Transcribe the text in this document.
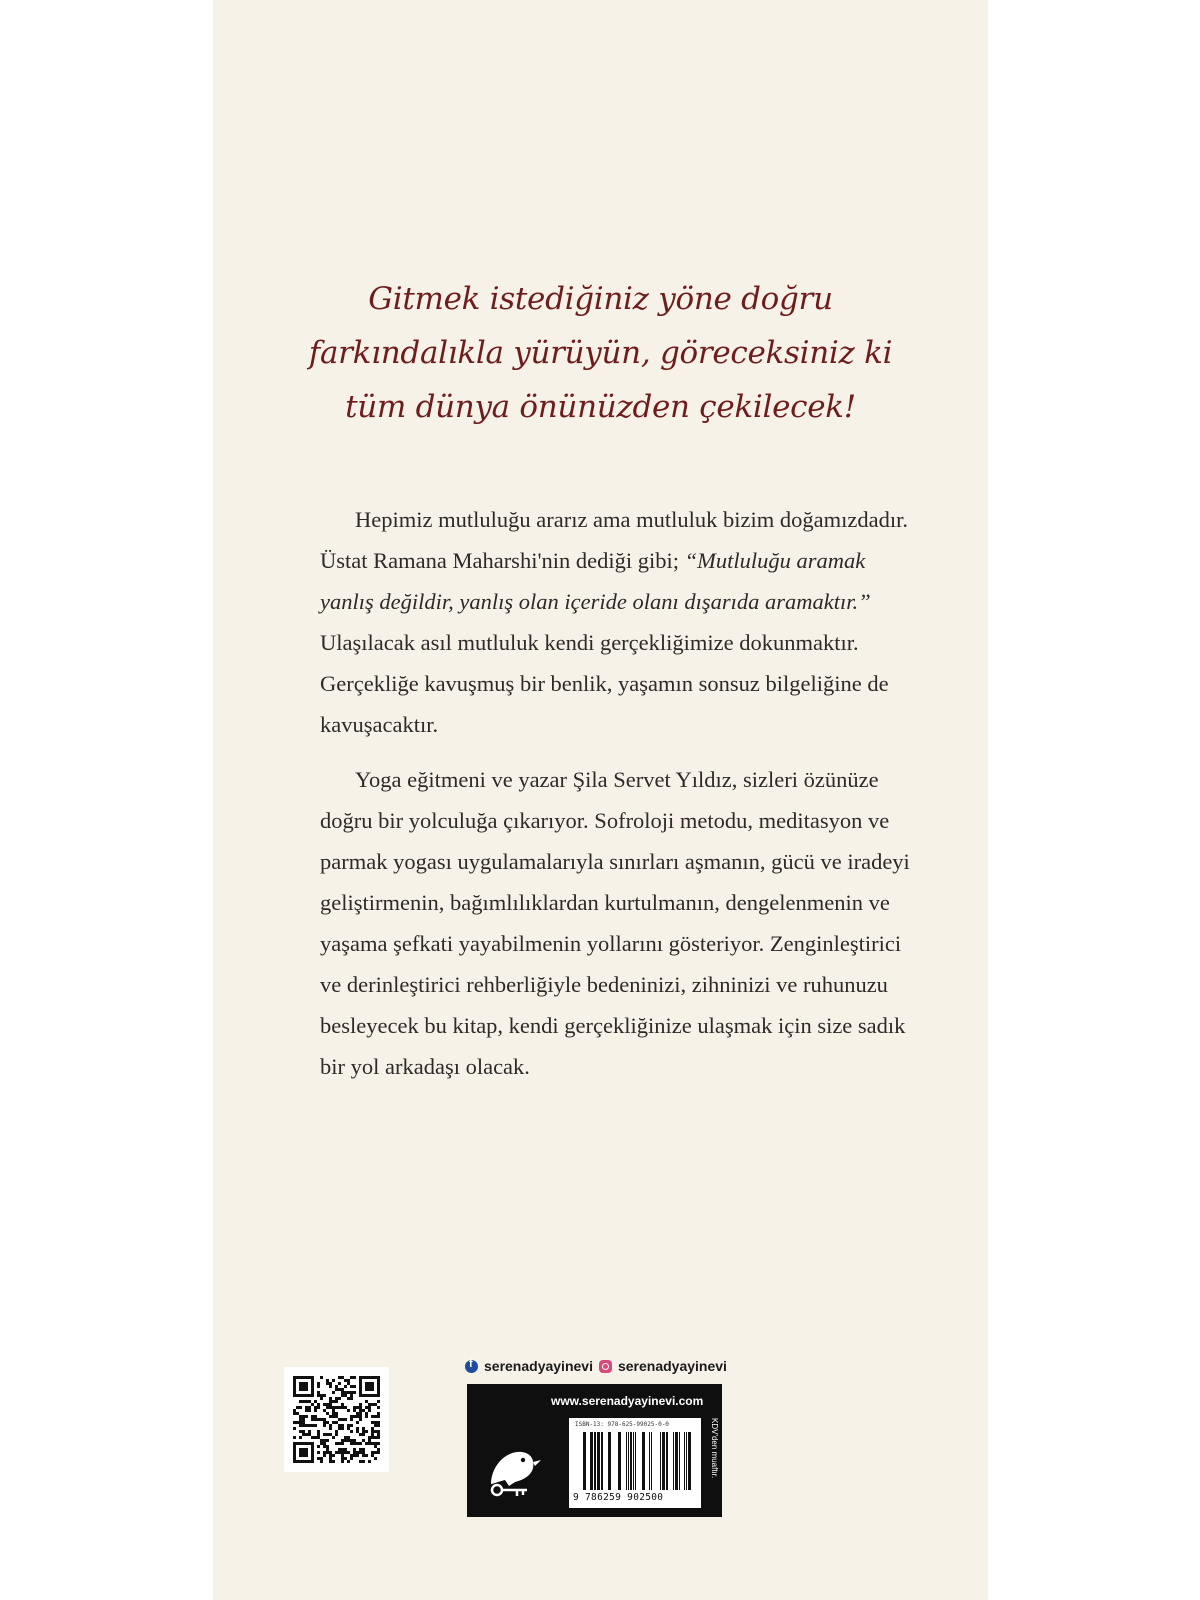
Gitmek istediğiniz yöne doğru
farkındalıkla yürüyün, göreceksiniz ki
tüm dünya önünüzden çekilecek!

Hepimiz mutluluğu ararız ama mutluluk bizim doğamızdadır.
Üstat Ramana Maharshi'nin dediği gibi; “Mutluluğu aramak
yanlış değildir, yanlış olan içeride olanı dışarıda aramaktır.”
Ulaşılacak asıl mutluluk kendi gerçekliğimize dokunmaktır.
Gerçekliğe kavuşmuş bir benlik, yaşamın sonsuz bilgeliğine de
kavuşacaktır.

Yoga eğitmeni ve yazar Şila Servet Yıldız, sizleri özünüze
doğru bir yolculuğa çıkarıyor. Sofroloji metodu, meditasyon ve
parmak yogası uygulamalarıyla sınırları aşmanın, gücü ve iradeyi
geliştirmenin, bağımlılıklardan kurtulmanın, dengelenmenin ve
yaşama şefkati yayabilmenin yollarını gösteriyor. Zenginleştirici
ve derinleştirici rehberliğiyle bedeninizi, zihninizi ve ruhunuzu
besleyecek bu kitap, kendi gerçekliğinize ulaşmak için size sadık
bir yol arkadaşı olacak.

f
serenadyayinevi serenadyayinevi
www.serenadyayinevi.com
ISBN-13: 978-625-99025-0-0
9 786259 902500
KDV'den muaftır.
